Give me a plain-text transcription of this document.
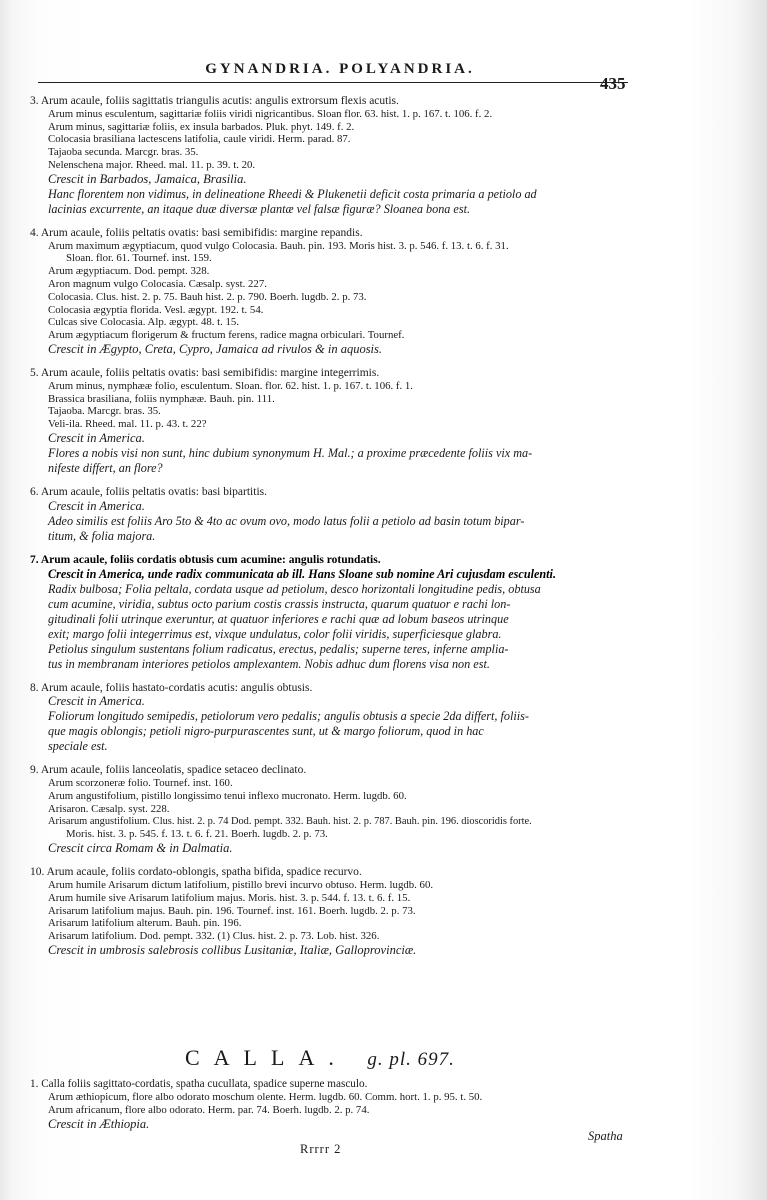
GYNANDRIA. POLYANDRIA.
435
3. Arum acaule, foliis sagittatis triangulis acutis: angulis extrorsum flexis acutis.
Arum minus esculentum, sagittariæ foliis viridi nigricantibus. Sloan flor. 63. hist. 1. p. 167. t. 106. f. 2.
Arum minus, sagittariæ foliis, ex insula barbados. Pluk. phyt. 149. f. 2.
Colocasia brasiliana lactescens latifolia, caule viridi. Herm. parad. 87.
Tajaoba secunda. Marcgr. bras. 35.
Nelenschena major. Rheed. mal. 11. p. 39. t. 20.
Crescit in Barbados, Jamaica, Brasilia.
Hanc florentem non vidimus, in delineatione Rheedi & Plukenetii deficit costa primaria a petiolo ad
lacinias excurrente, an itaque duæ diversæ plantæ vel falsæ figuræ? Sloanea bona est.
4. Arum acaule, foliis peltatis ovatis: basi semibifidis: margine repandis.
Arum maximum ægyptiacum, quod vulgo Colocasia. Bauh. pin. 193. Moris hist. 3. p. 546. f. 13. t. 6. f. 31.
Sloan. flor. 61. Tournef. inst. 159.
Arum ægyptiacum. Dod. pempt. 328.
Aron magnum vulgo Colocasia. Cæsalp. syst. 227.
Colocasia. Clus. hist. 2. p. 75. Bauh hist. 2. p. 790. Boerh. lugdb. 2. p. 73.
Colocasia ægyptia florida. Vesl. ægypt. 192. t. 54.
Culcas sive Colocasia. Alp. ægypt. 48. t. 15.
Arum ægyptiacum florigerum & fructum ferens, radice magna orbiculari. Tournef.
Crescit in Ægypto, Creta, Cypro, Jamaica ad rivulos & in aquosis.
5. Arum acaule, foliis peltatis ovatis: basi semibifidis: margine integerrimis.
Arum minus, nymphææ folio, esculentum. Sloan. flor. 62. hist. 1. p. 167. t. 106. f. 1.
Brassica brasiliana, foliis nymphææ. Bauh. pin. 111.
Tajaoba. Marcgr. bras. 35.
Veli-ila. Rheed. mal. 11. p. 43. t. 22?
Crescit in America.
Flores a nobis visi non sunt, hinc dubium synonymum H. Mal.; a proxime præcedente foliis vix ma-
nifeste differt, an flore?
6. Arum acaule, foliis peltatis ovatis: basi bipartitis.
Crescit in America.
Adeo similis est foliis Aro 5to & 4to ac ovum ovo, modo latus folii a petiolo ad basin totum bipar-
titum, & folia majora.
7. Arum acaule, foliis cordatis obtusis cum acumine: angulis rotundatis.
Crescit in America, unde radix communicata ab ill. Hans Sloane sub nomine Ari cujusdam esculenti.
Radix bulbosa; Folia peltala, cordata usque ad petiolum, desco horizontali longitudine pedis, obtusa
cum acumine, viridia, subtus octo parium costis crassis instructa, quarum quatuor e rachi lon-
gitudinali folii utrinque exeruntur, at quatuor inferiores e rachi quæ ad lobum baseos utrinque
exit; margo folii integerrimus est, vixque undulatus, color folii viridis, superficiesque glabra.
Petiolus singulum sustentans folium radicatus, erectus, pedalis; superne teres, inferne amplia-
tus in membranam interiores petiolos amplexantem. Nobis adhuc dum florens visa non est.
8. Arum acaule, foliis hastato-cordatis acutis: angulis obtusis.
Crescit in America.
Foliorum longitudo semipedis, petiolorum vero pedalis; angulis obtusis a specie 2da differt, foliis-
que magis oblongis; petioli nigro-purpurascentes sunt, ut & margo foliorum, quod in hac
speciale est.
9. Arum acaule, foliis lanceolatis, spadice setaceo declinato.
Arum scorzoneræ folio. Tournef. inst. 160.
Arum angustifolium, pistillo longissimo tenui inflexo mucronato. Herm. lugdb. 60.
Arisaron. Cæsalp. syst. 228.
Arisarum angustifolium. Clus. hist. 2. p. 74 Dod. pempt. 332. Bauh. hist. 2. p. 787. Bauh. pin. 196. dioscoridis forte.
Moris. hist. 3. p. 545. f. 13. t. 6. f. 21. Boerh. lugdb. 2. p. 73.
Crescit circa Romam & in Dalmatia.
10. Arum acaule, foliis cordato-oblongis, spatha bifida, spadice recurvo.
Arum humile Arisarum dictum latifolium, pistillo brevi incurvo obtuso. Herm. lugdb. 60.
Arum humile sive Arisarum latifolium majus. Moris. hist. 3. p. 544. f. 13. t. 6. f. 15.
Arisarum latifolium majus. Bauh. pin. 196. Tournef. inst. 161. Boerh. lugdb. 2. p. 73.
Arisarum latifolium alterum. Bauh. pin. 196.
Arisarum latifolium. Dod. pempt. 332. (1) Clus. hist. 2. p. 73. Lob. hist. 326.
Crescit in umbrosis salebrosis collibus Lusitaniæ, Italiæ, Galloprovinciæ.
CALLA. g. pl. 697.
1. Calla foliis sagittato-cordatis, spatha cucullata, spadice superne masculo.
Arum æthiopicum, flore albo odorato moschum olente. Herm. lugdb. 60. Comm. hort. 1. p. 95. t. 50.
Arum africanum, flore albo odorato. Herm. par. 74. Boerh. lugdb. 2. p. 74.
Crescit in Æthiopia.
Rrrrr 2
Spatha
